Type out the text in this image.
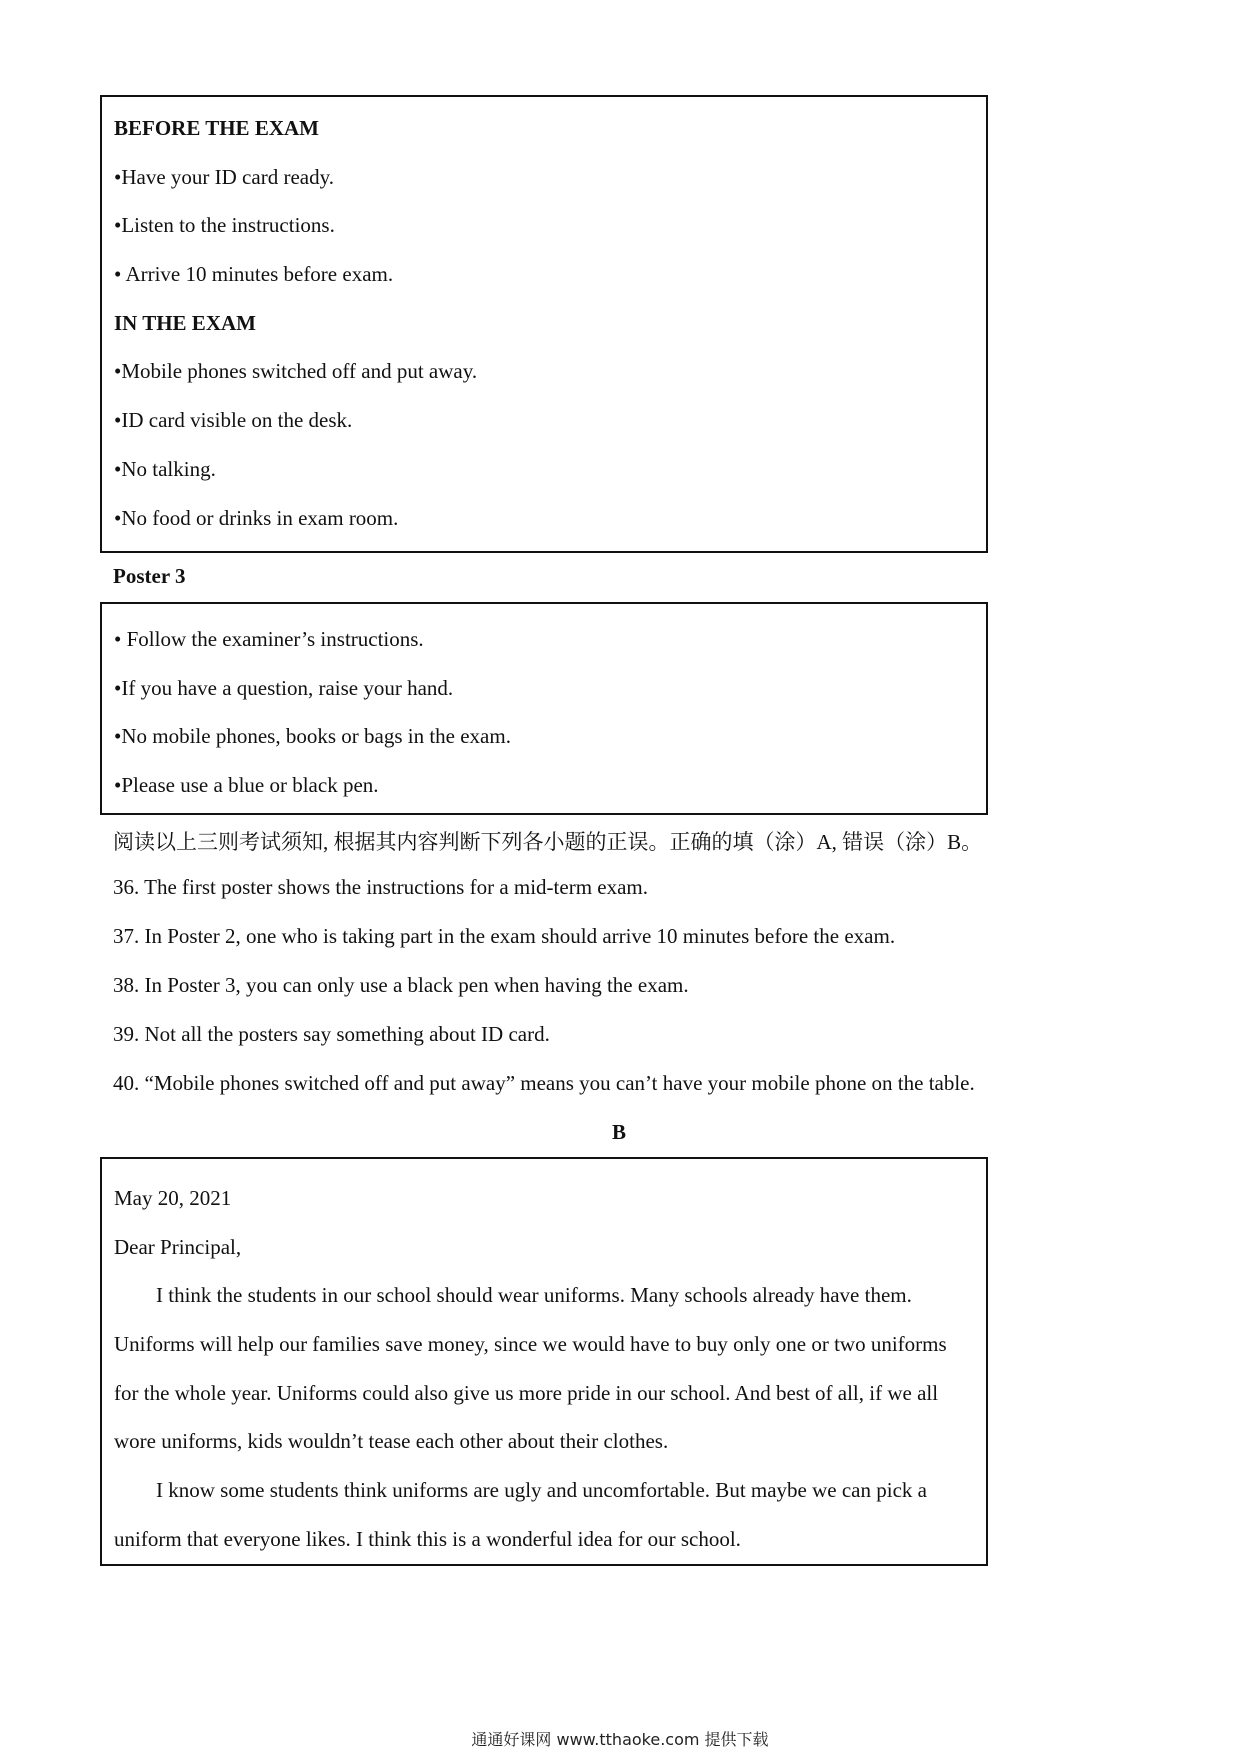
BEFORE THE EXAM
•Have your ID card ready.
•Listen to the instructions.
• Arrive 10 minutes before exam.
IN THE EXAM
•Mobile phones switched off and put away.
•ID card visible on the desk.
•No talking.
•No food or drinks in exam room.
Poster 3
• Follow the examiner’s instructions.
•If you have a question, raise your hand.
•No mobile phones, books or bags in the exam.
•Please use a blue or black pen.
阅读以上三则考试须知, 根据其内容判断下列各小题的正误。正确的填（涂）A, 错误（涂）B。
36. The first poster shows the instructions for a mid-term exam.
37. In Poster 2, one who is taking part in the exam should arrive 10 minutes before the exam.
38. In Poster 3, you can only use a black pen when having the exam.
39. Not all the posters say something about ID card.
40. “Mobile phones switched off and put away” means you can’t have your mobile phone on the table.
B
May 20, 2021
Dear Principal,
I think the students in our school should wear uniforms. Many schools already have them.
Uniforms will help our families save money, since we would have to buy only one or two uniforms
for the whole year. Uniforms could also give us more pride in our school. And best of all, if we all
wore uniforms, kids wouldn’t tease each other about their clothes.
I know some students think uniforms are ugly and uncomfortable. But maybe we can pick a
uniform that everyone likes. I think this is a wonderful idea for our school.
通通好课网 www.tthaoke.com 提供下载
